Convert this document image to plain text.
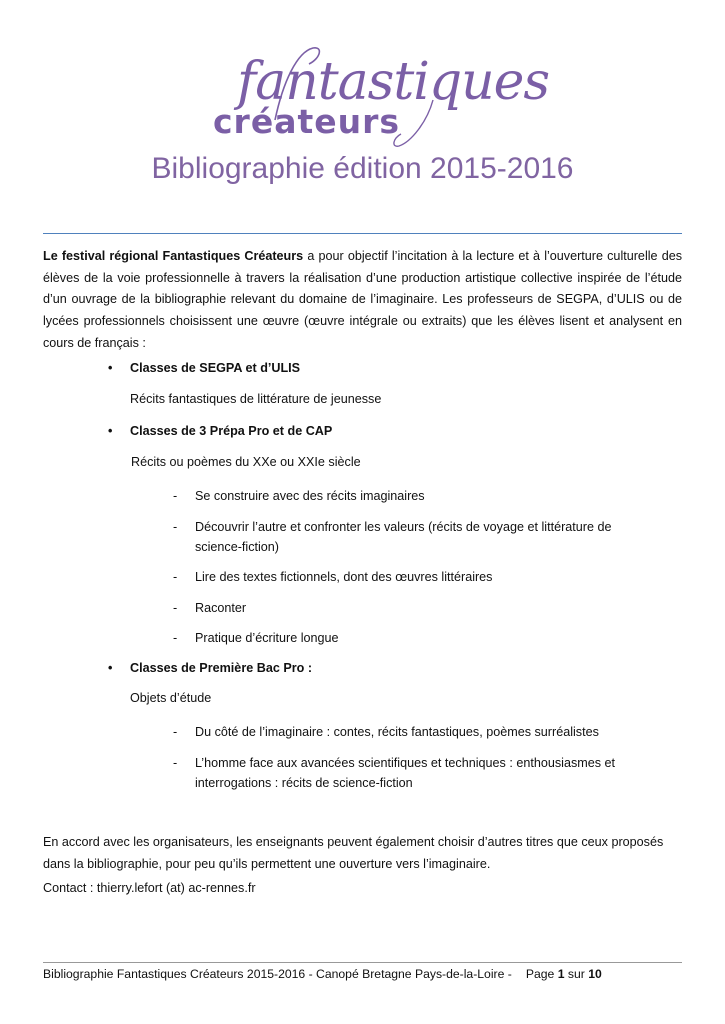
fantastiques
créateurs
Bibliographie édition 2015-2016

Le festival régional Fantastiques Créateurs a pour objectif l’incitation à la lecture et à l’ouverture culturelle des élèves de la voie professionnelle à travers la réalisation d’une production artistique collective inspirée de l’étude d’un ouvrage de la bibliographie relevant du domaine de l’imaginaire. Les professeurs de SEGPA, d’ULIS ou de lycées professionnels choisissent une œuvre (œuvre intégrale ou extraits) que les élèves lisent et analysent en cours de français :

• Classes de SEGPA et d’ULIS
Récits fantastiques de littérature de jeunesse
• Classes de 3 Prépa Pro et de CAP
Récits ou poèmes du XXe ou XXIe siècle
- Se construire avec des récits imaginaires
- Découvrir l’autre et confronter les valeurs (récits de voyage et littérature de science-fiction)
- Lire des textes fictionnels, dont des œuvres littéraires
- Raconter
- Pratique d’écriture longue
• Classes de Première Bac Pro :
Objets d’étude
- Du côté de l’imaginaire : contes, récits fantastiques, poèmes surréalistes
- L’homme face aux avancées scientifiques et techniques : enthousiasmes et interrogations : récits de science-fiction

En accord avec les organisateurs, les enseignants peuvent également choisir d’autres titres que ceux proposés dans la bibliographie, pour peu qu’ils permettent une ouverture vers l’imaginaire.

Contact : thierry.lefort (at) ac-rennes.fr
Bibliographie Fantastiques Créateurs 2015-2016 - Canopé Bretagne Pays-de-la-Loire - Page 1 sur 10
